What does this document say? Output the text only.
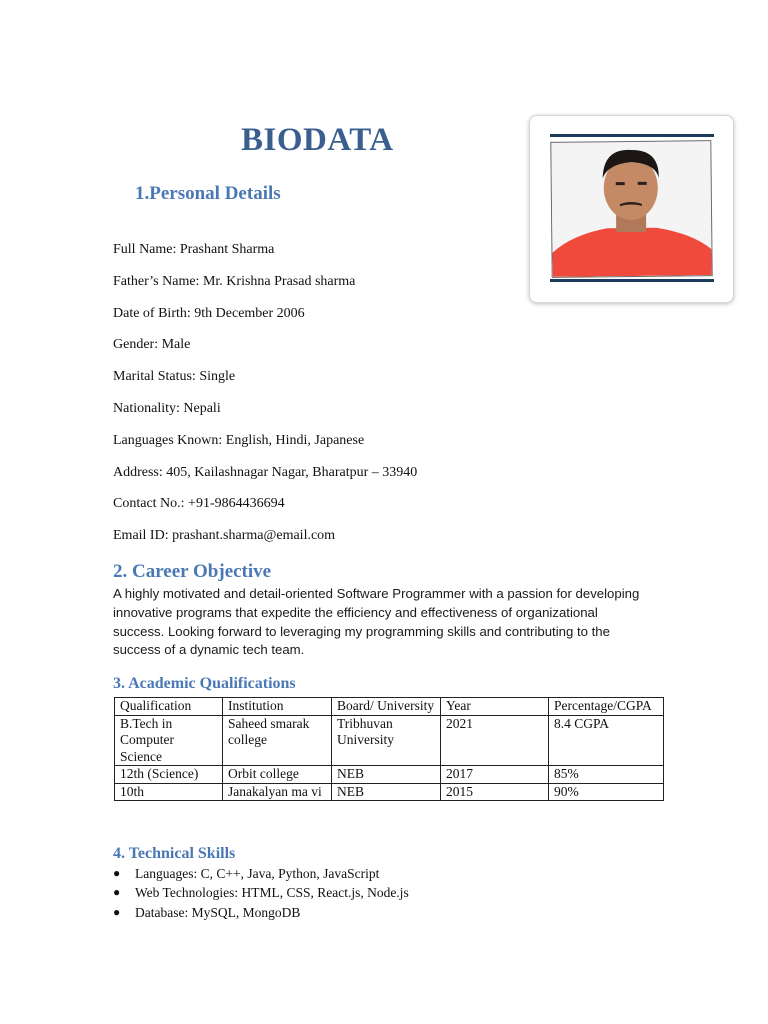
BIODATA
1.Personal Details
Full Name: Prashant Sharma
Father’s Name: Mr. Krishna Prasad sharma
Date of Birth: 9th December 2006
Gender: Male
Marital Status: Single
Nationality: Nepali
Languages Known: English, Hindi, Japanese
Address: 405, Kailashnagar Nagar, Bharatpur – 33940
Contact No.: +91-9864436694
Email ID: prashant.sharma@email.com
2. Career Objective

A highly motivated and detail-oriented Software Programmer with a passion for developing innovative programs that expedite the efficiency and effectiveness of organizational success. Looking forward to leveraging my programming skills and contributing to the success of a dynamic tech team.

3. Academic Qualifications
Qualification	Institution	Board/ University	Year	Percentage/CGPA
B.Tech in Computer Science	Saheed smarak college	Tribhuvan University	2021	8.4 CGPA
12th (Science)	Orbit college	NEB	2017	85%
10th	Janakalyan ma vi	NEB	2015	90%
4. Technical Skills
● Languages: C, C++, Java, Python, JavaScript
● Web Technologies: HTML, CSS, React.js, Node.js
● Database: MySQL, MongoDB
